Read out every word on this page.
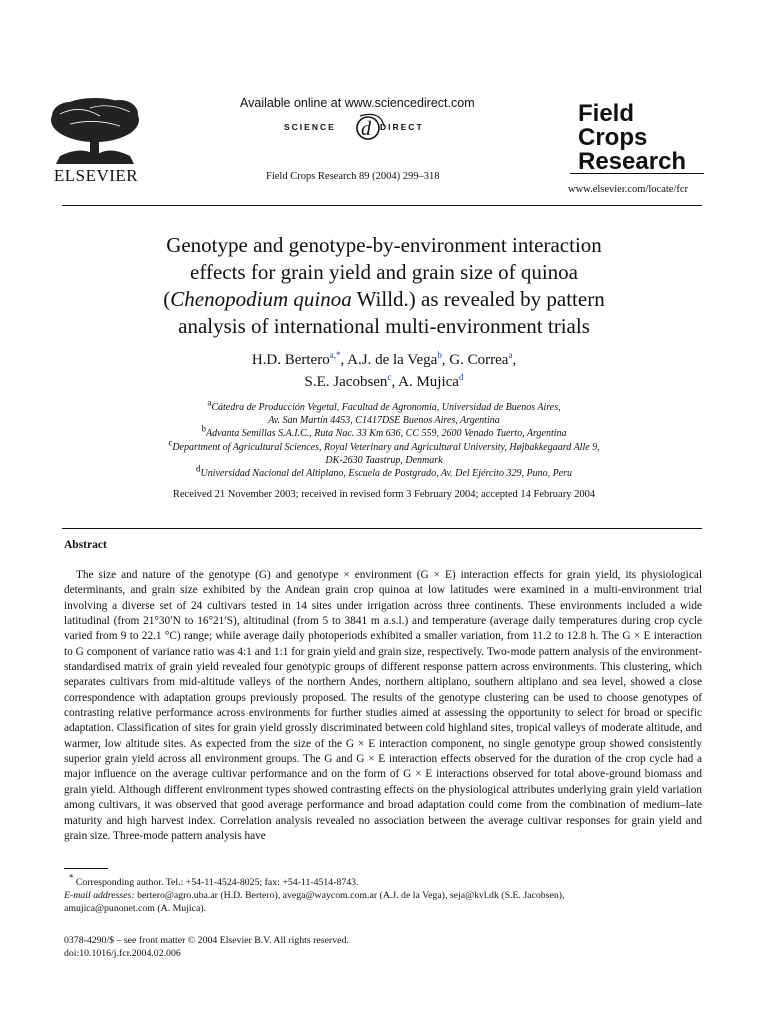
ELSEVIER
Available online at www.sciencedirect.com
d
SCIENCE	DIRECT
Field Crops Research 89 (2004) 299–318
Field
Crops
Research
www.elsevier.com/locate/fcr
Genotype and genotype-by-environment interaction
effects for grain yield and grain size of quinoa
(Chenopodium quinoa Willd.) as revealed by pattern
analysis of international multi-environment trials
H.D. Bertero$^{a,*}$, A.J. de la Vega$^b$, G. Correa$^a$,
S.E. Jacobsen$^c$, A. Mujica$^d$
$^a$Cátedra de Producción Vegetal, Facultad de Agronomía, Universidad de Buenos Aires,
Av. San Martín 4453, C1417DSE Buenos Aires, Argentina
$^b$Advanta Semillas S.A.I.C., Ruta Nac. 33 Km 636, CC 559, 2600 Venado Tuerto, Argentina
$^c$Department of Agricultural Sciences, Royal Veterinary and Agricultural University, Højbakkegaard Alle 9,
DK-2630 Taastrup, Denmark
$^d$Universidad Nacional del Altiplano, Escuela de Postgrado, Av. Del Ejército 329, Puno, Peru
Received 21 November 2003; received in revised form 3 February 2004; accepted 14 February 2004
Abstract
The size and nature of the genotype (G) and genotype × environment (G × E) interaction effects for grain yield, its physiological determinants, and grain size exhibited by the Andean grain crop quinoa at low latitudes were examined in a multi-environment trial involving a diverse set of 24 cultivars tested in 14 sites under irrigation across three continents. These environments included a wide latitudinal (from 21°30′N to 16°21′S), altitudinal (from 5 to 3841 m a.s.l.) and temperature (average daily temperatures during crop cycle varied from 9 to 22.1 °C) range; while average daily photoperiods exhibited a smaller variation, from 11.2 to 12.8 h. The G × E interaction to G component of variance ratio was 4:1 and 1:1 for grain yield and grain size, respectively. Two-mode pattern analysis of the environment-standardised matrix of grain yield revealed four genotypic groups of different response pattern across environments. This clustering, which separates cultivars from mid-altitude valleys of the northern Andes, northern altiplano, southern altiplano and sea level, showed a close correspondence with adaptation groups previously proposed. The results of the genotype clustering can be used to choose genotypes of contrasting relative performance across environments for further studies aimed at assessing the opportunity to select for broad or specific adaptation. Classification of sites for grain yield grossly discriminated between cold highland sites, tropical valleys of moderate altitude, and warmer, low altitude sites. As expected from the size of the G × E interaction component, no single genotype group showed consistently superior grain yield across all environment groups. The G and G × E interaction effects observed for the duration of the crop cycle had a major influence on the average cultivar performance and on the form of G × E interactions observed for total above-ground biomass and grain yield. Although different environment types showed contrasting effects on the physiological attributes underlying grain yield variation among cultivars, it was observed that good average performance and broad adaptation could come from the combination of medium–late maturity and high harvest index. Correlation analysis revealed no association between the average cultivar responses for grain yield and grain size. Three-mode pattern analysis have
* Corresponding author. Tel.: +54-11-4524-8025; fax: +54-11-4514-8743.
E-mail addresses: bertero@agro.uba.ar (H.D. Bertero), avega@waycom.com.ar (A.J. de la Vega), seja@kvl.dk (S.E. Jacobsen),
amujica@punonet.com (A. Mujica).
0378-4290/$ – see front matter © 2004 Elsevier B.V. All rights reserved.
doi:10.1016/j.fcr.2004.02.006
